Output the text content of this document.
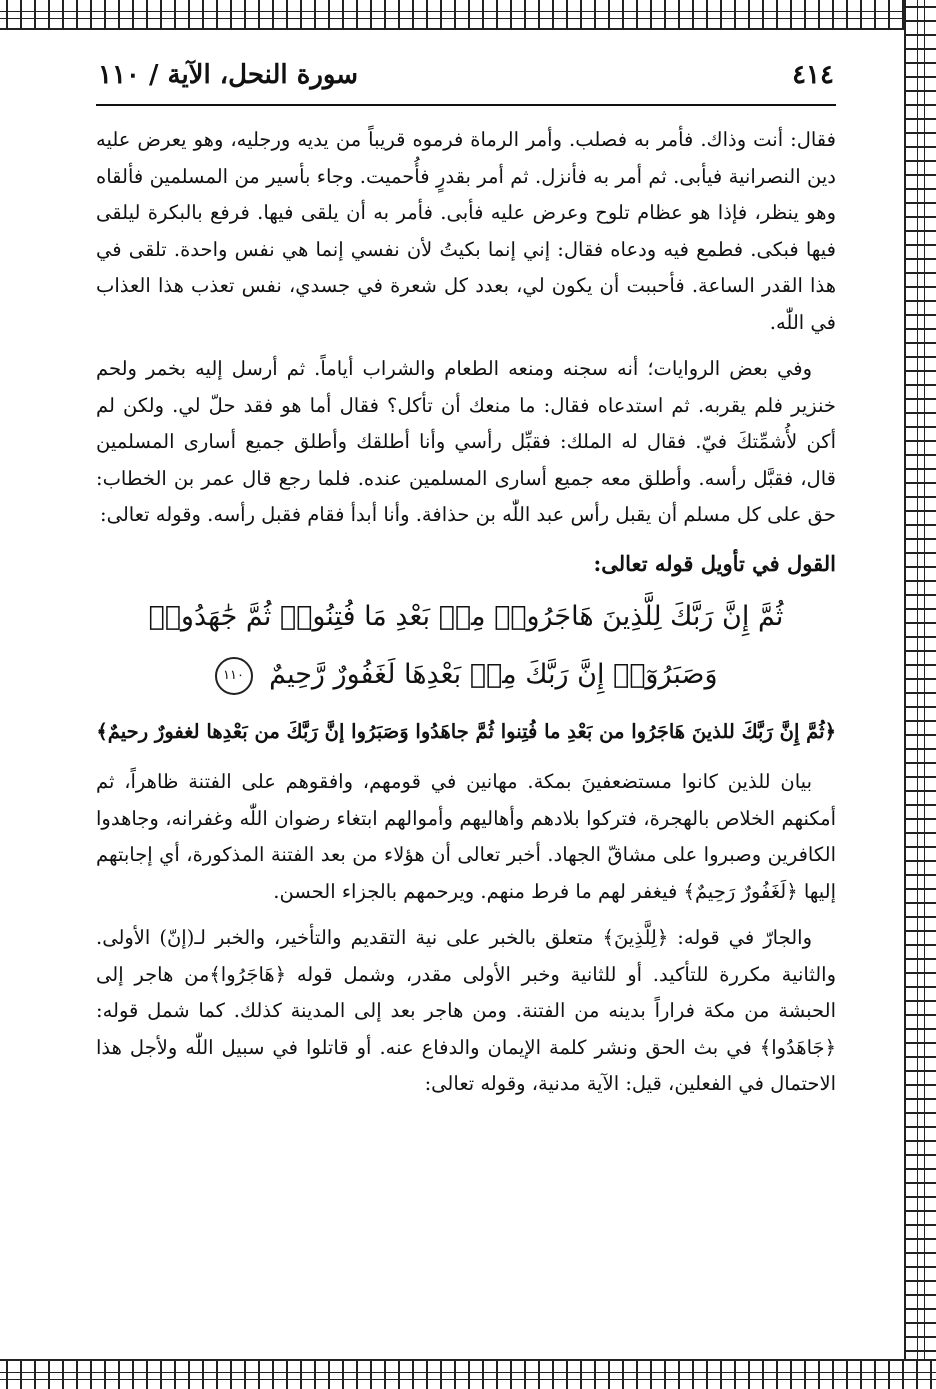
٤١٤
سورة النحل، الآية / ١١٠

فقال: أنت وذاك. فأمر به فصلب. وأمر الرماة فرموه قريباً من يديه ورجليه، وهو يعرض عليه دين النصرانية فيأبى. ثم أمر به فأنزل. ثم أمر بقدرٍ فأُحميت. وجاء بأسير من المسلمين فألقاه وهو ينظر، فإذا هو عظام تلوح وعرض عليه فأبى. فأمر به أن يلقى فيها. فرفع بالبكرة ليلقى فيها فبكى. فطمع فيه ودعاه فقال: إني إنما بكيتُ لأن نفسي إنما هي نفس واحدة. تلقى في هذا القدر الساعة. فأحببت أن يكون لي، بعدد كل شعرة في جسدي، نفس تعذب هذا العذاب في اللّٰه.

وفي بعض الروايات؛ أنه سجنه ومنعه الطعام والشراب أياماً. ثم أرسل إليه بخمر ولحم خنزير فلم يقربه. ثم استدعاه فقال: ما منعك أن تأكل؟ فقال أما هو فقد حلّ لي. ولكن لم أكن لأُشمِّتكَ فيّ. فقال له الملك: فقبِّل رأسي وأنا أطلقك وأطلق جميع أسارى المسلمين قال، فقبَّل رأسه. وأطلق معه جميع أسارى المسلمين عنده. فلما رجع قال عمر بن الخطاب: حق على كل مسلم أن يقبل رأس عبد اللّٰه بن حذافة. وأنا أبدأ فقام فقبل رأسه. وقوله تعالى:

القول في تأويل قوله تعالى:
ثُمَّ إِنَّ رَبَّكَ لِلَّذِينَ هَاجَرُوا۟ مِنۢ بَعْدِ مَا فُتِنُوا۟ ثُمَّ جَٰهَدُوا۟
وَصَبَرُوٓا۟ إِنَّ رَبَّكَ مِنۢ بَعْدِهَا لَغَفُورٌ رَّحِيمٌ ١١٠
﴿ثُمَّ إِنَّ رَبَّكَ للذينَ هَاجَرُوا من بَعْدِ ما فُتِنوا ثُمَّ جاهَدُوا وَصَبَرُوا إنَّ رَبَّكَ من بَعْدِها لغفورٌ رحيمٌ﴾

بيان للذين كانوا مستضعفينَ بمكة. مهانين في قومهم، وافقوهم على الفتنة ظاهراً، ثم أمكنهم الخلاص بالهجرة، فتركوا بلادهم وأهاليهم وأموالهم ابتغاء رضوان اللّٰه وغفرانه، وجاهدوا الكافرين وصبروا على مشاقّ الجهاد. أخبر تعالى أن هؤلاء من بعد الفتنة المذكورة، أي إجابتهم إليها ﴿لَغَفُورٌ رَحِيمٌ﴾ فيغفر لهم ما فرط منهم. ويرحمهم بالجزاء الحسن.

والجارّ في قوله: ﴿لِلَّذِينَ﴾ متعلق بالخبر على نية التقديم والتأخير، والخبر لـ(إنّ) الأولى. والثانية مكررة للتأكيد. أو للثانية وخبر الأولى مقدر، وشمل قوله ﴿هَاجَرُوا﴾من هاجر إلى الحبشة من مكة فراراً بدينه من الفتنة. ومن هاجر بعد إلى المدينة كذلك. كما شمل قوله: ﴿جَاهَدُوا﴾ في بث الحق ونشر كلمة الإيمان والدفاع عنه. أو قاتلوا في سبيل اللّٰه ولأجل هذا الاحتمال في الفعلين، قيل: الآية مدنية، وقوله تعالى:
